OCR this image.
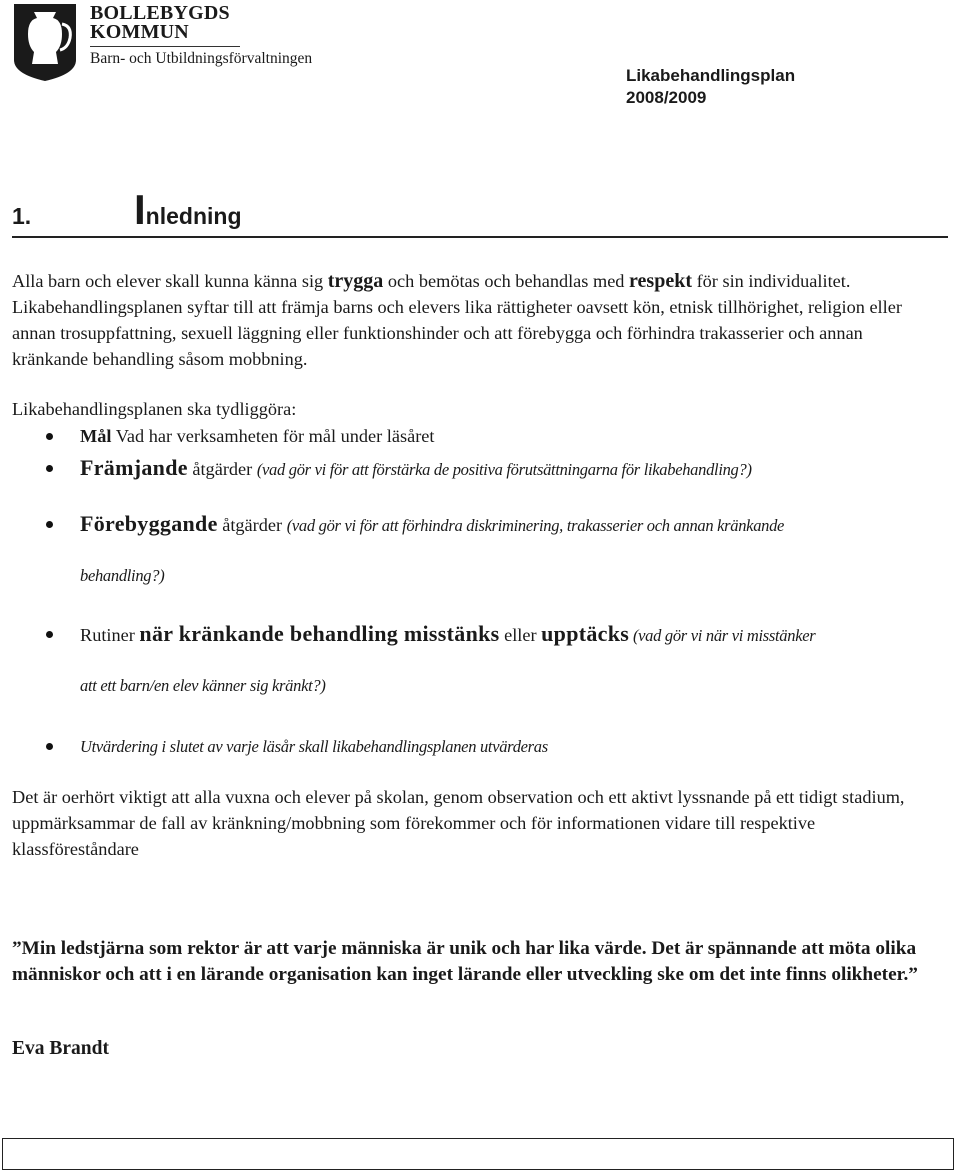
BOLLEBYGDS
KOMMUN
Barn- och Utbildningsförvaltningen
Likabehandlingsplan
2008/2009
1. Inledning
Alla barn och elever skall kunna känna sig trygga och bemötas och behandlas med respekt för sin individualitet. Likabehandlingsplanen syftar till att främja barns och elevers lika rättigheter oavsett kön, etnisk tillhörighet, religion eller annan trosuppfattning, sexuell läggning eller funktionshinder och att förebygga och förhindra trakasserier och annan kränkande behandling såsom mobbning.
Likabehandlingsplanen ska tydliggöra:
Mål Vad har verksamheten för mål under läsåret
Främjande åtgärder (vad gör vi för att förstärka de positiva förutsättningarna för likabehandling?)
Förebyggande åtgärder (vad gör vi för att förhindra diskriminering, trakasserier och annan kränkande
Rutiner när kränkande behandling misstänks eller upptäcks (vad gör vi när vi misstänker
Utvärdering i slutet av varje läsår skall likabehandlingsplanen utvärderas
behandling?)
att ett barn/en elev känner sig kränkt?)
Det är oerhört viktigt att alla vuxna och elever på skolan, genom observation och ett aktivt lyssnande på ett tidigt stadium, uppmärksammar de fall av kränkning/mobbning som förekommer och för informationen vidare till respektive klassföreståndare
”Min ledstjärna som rektor är att varje människa är unik och har lika värde. Det är spännande att möta olika människor och att i en lärande organisation kan inget lärande eller utveckling ske om det inte finns olikheter.”
Eva Brandt
